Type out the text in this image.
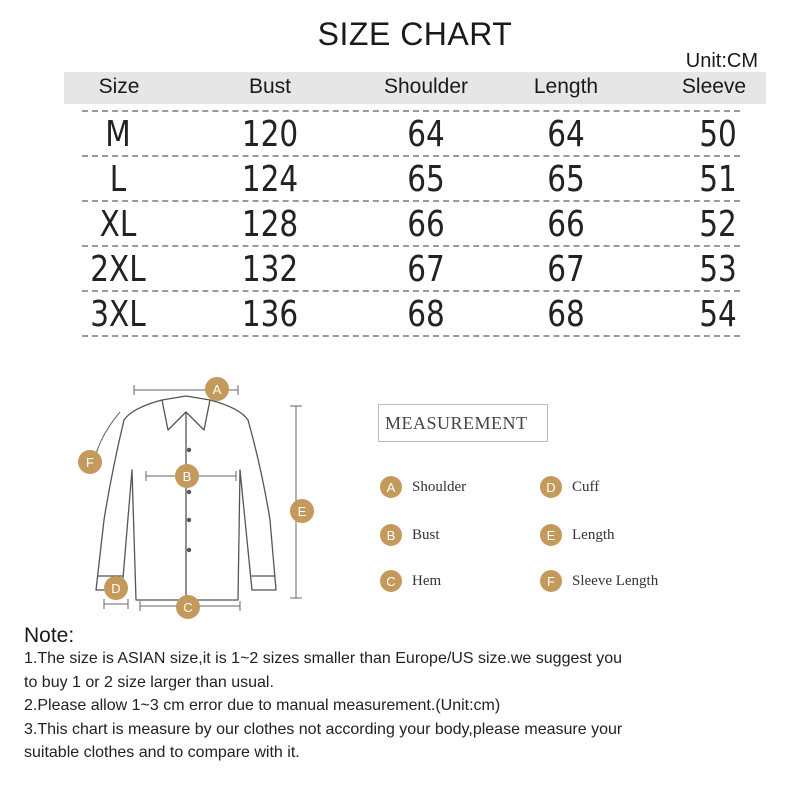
SIZE CHART
Unit:CM
Size	Bust	Shoulder	Length	Sleeve
M	120	64	64	50
L	124	65	65	51
XL	128	66	66	52
2XL	132	67	67	53
3XL	136	68	68	54
A
B
C
D
E
F
MEASUREMENT
A	Shoulder
B	Bust
C	Hem
D	Cuff
E	Length
F	Sleeve Length
Note:
1.The size is ASIAN size,it is 1~2 sizes smaller than Europe/US size.we suggest you
to buy 1 or 2 size larger than usual.
2.Please allow 1~3 cm error due to manual measurement.(Unit:cm)
3.This chart is measure by our clothes not according your body,please measure your
suitable clothes and to compare with it.
